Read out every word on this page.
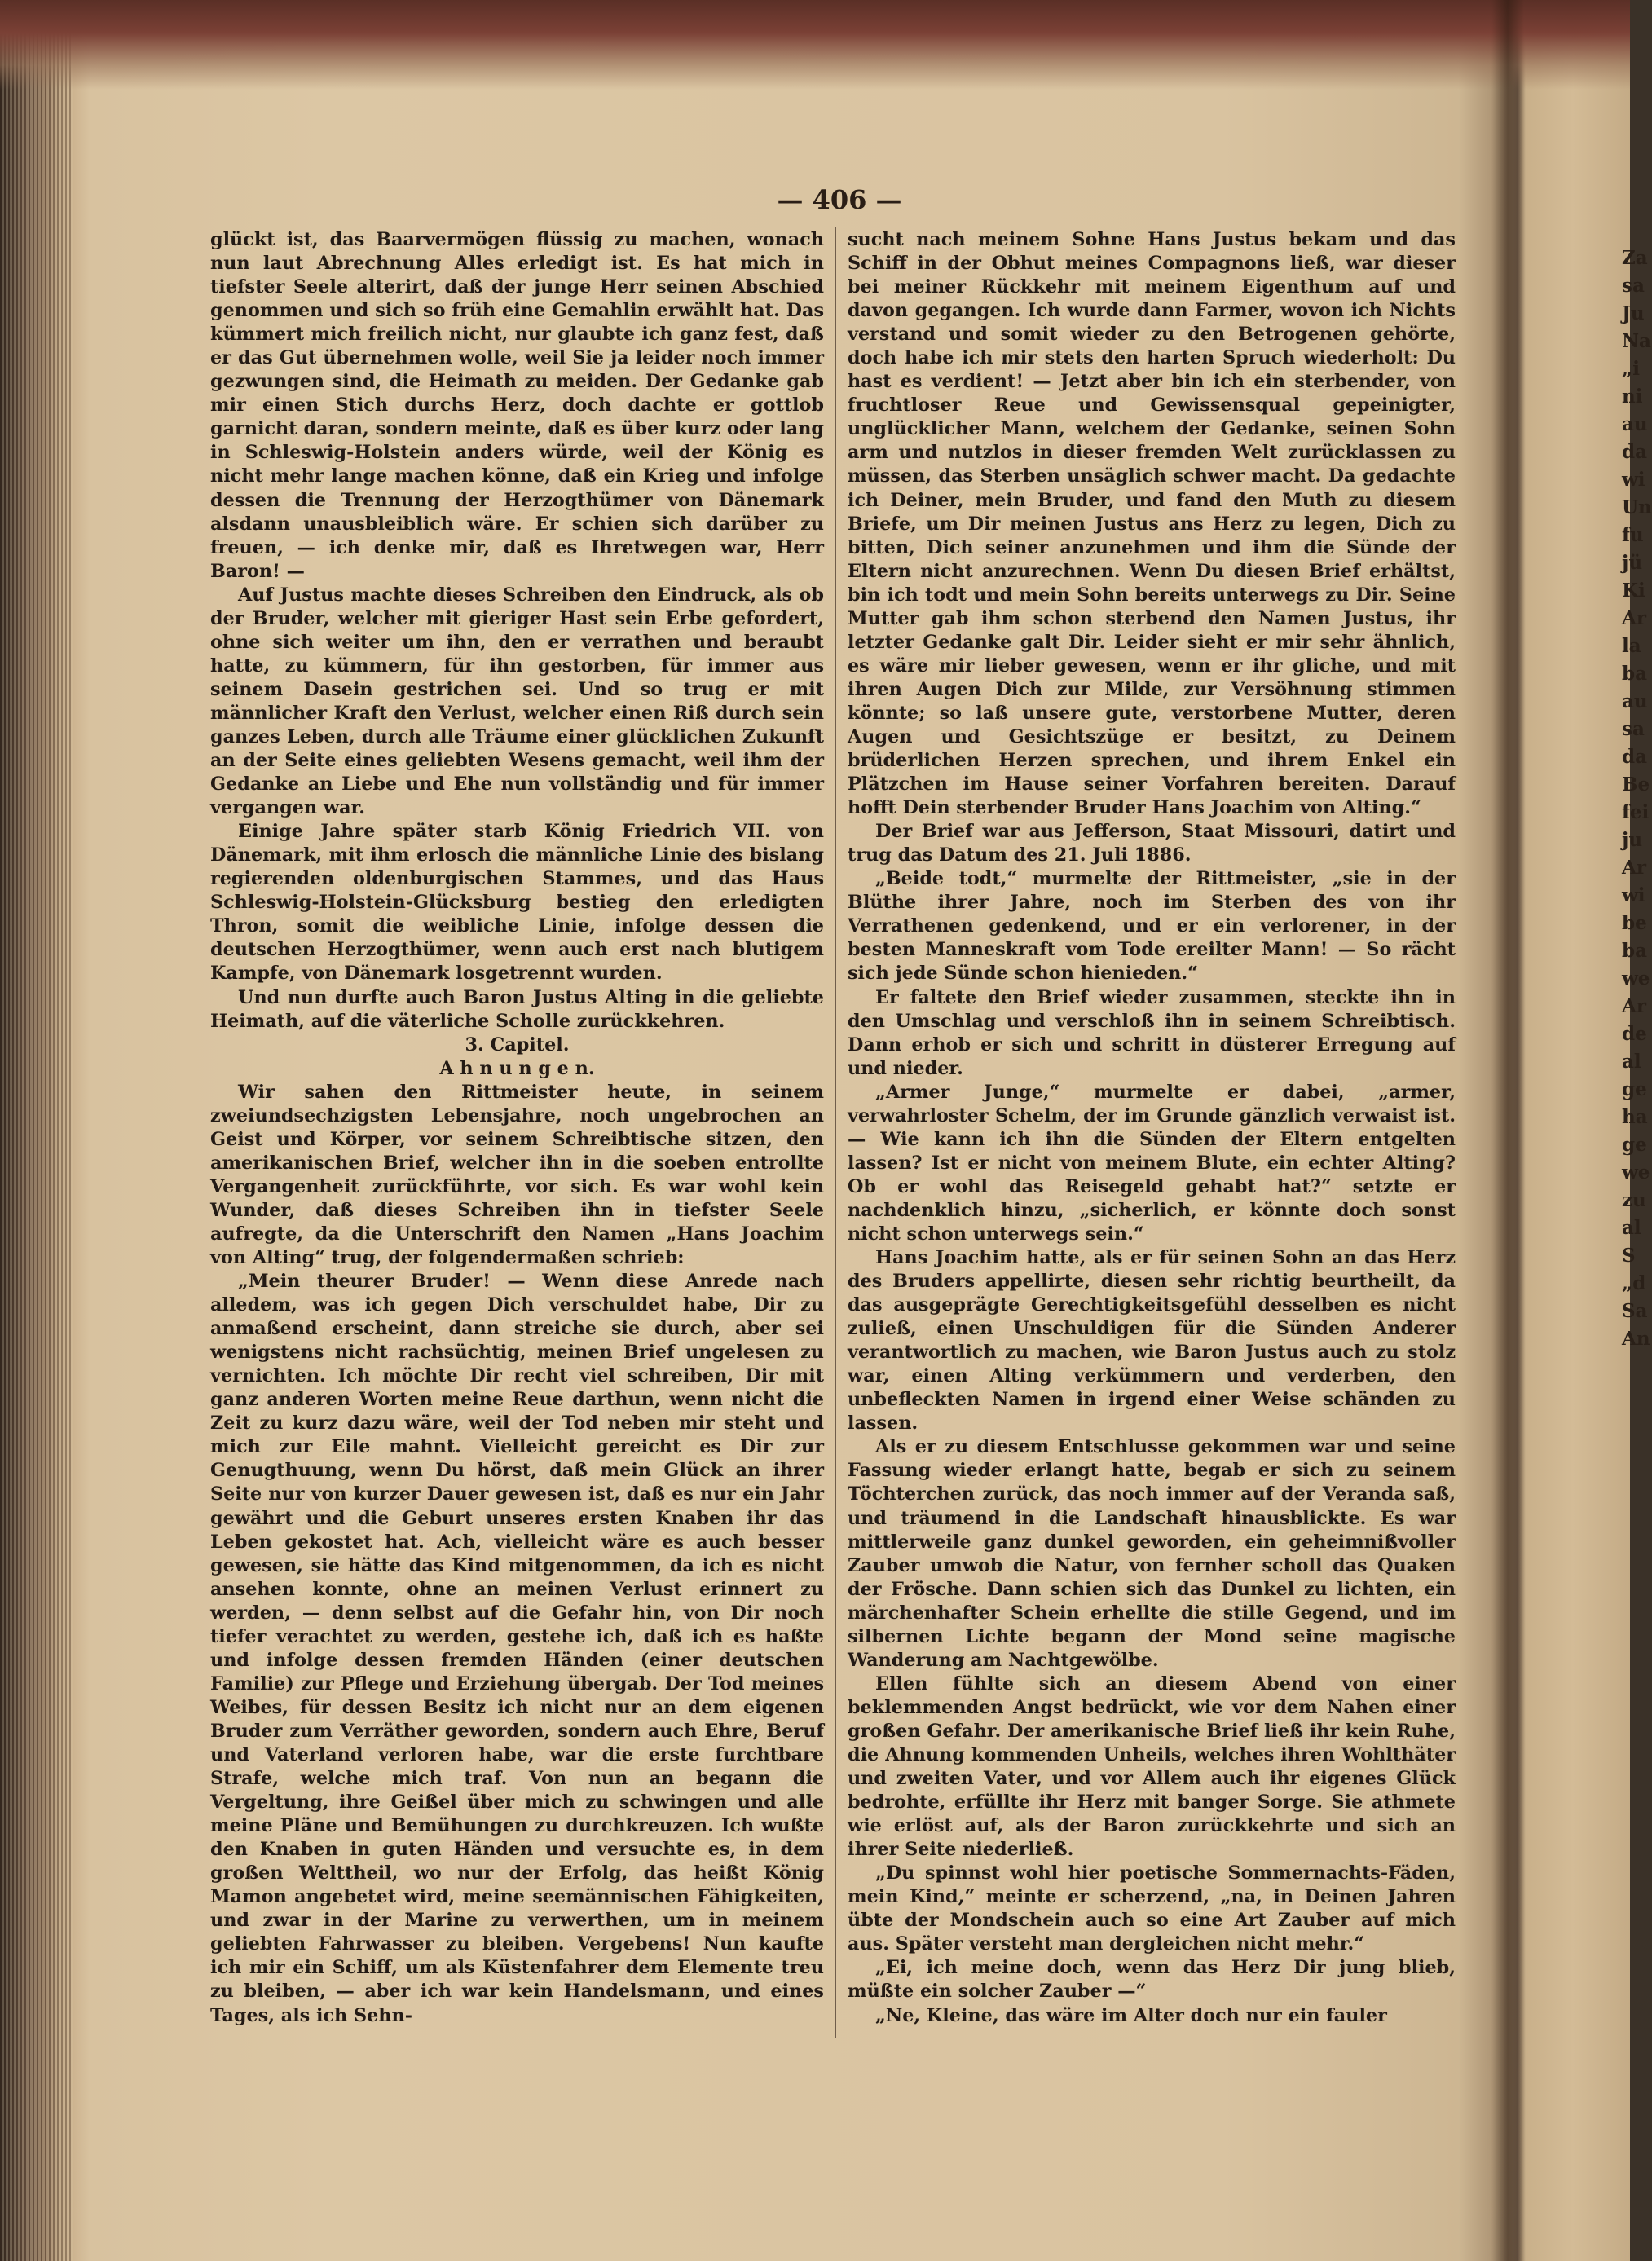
— 406 —

glückt ist, das Baarvermögen flüssig zu machen, wonach nun laut Abrechnung Alles erledigt ist. Es hat mich in tiefster Seele alterirt, daß der junge Herr seinen Abschied genommen und sich so früh eine Gemahlin erwählt hat. Das kümmert mich freilich nicht, nur glaubte ich ganz fest, daß er das Gut übernehmen wolle, weil Sie ja leider noch immer gezwungen sind, die Heimath zu meiden. Der Gedanke gab mir einen Stich durchs Herz, doch dachte er gottlob garnicht daran, sondern meinte, daß es über kurz oder lang in Schleswig-Holstein anders würde, weil der König es nicht mehr lange machen könne, daß ein Krieg und infolge dessen die Trennung der Herzogthümer von Dänemark alsdann unausbleiblich wäre. Er schien sich darüber zu freuen, — ich denke mir, daß es Ihretwegen war, Herr Baron! —

Auf Justus machte dieses Schreiben den Eindruck, als ob der Bruder, welcher mit gieriger Hast sein Erbe gefordert, ohne sich weiter um ihn, den er verrathen und beraubt hatte, zu kümmern, für ihn gestorben, für immer aus seinem Dasein gestrichen sei. Und so trug er mit männlicher Kraft den Verlust, welcher einen Riß durch sein ganzes Leben, durch alle Träume einer glücklichen Zukunft an der Seite eines geliebten Wesens gemacht, weil ihm der Gedanke an Liebe und Ehe nun vollständig und für immer vergangen war.

Einige Jahre später starb König Friedrich VII. von Dänemark, mit ihm erlosch die männliche Linie des bislang regierenden oldenburgischen Stammes, und das Haus Schleswig-Holstein-Glücksburg bestieg den erledigten Thron, somit die weibliche Linie, infolge dessen die deutschen Herzogthümer, wenn auch erst nach blutigem Kampfe, von Dänemark losgetrennt wurden.

Und nun durfte auch Baron Justus Alting in die geliebte Heimath, auf die väterliche Scholle zurückkehren.

3. Capitel.

A h n u n g e n.

Wir sahen den Rittmeister heute, in seinem zweiundsechzigsten Lebensjahre, noch ungebrochen an Geist und Körper, vor seinem Schreibtische sitzen, den amerikanischen Brief, welcher ihn in die soeben entrollte Vergangenheit zurückführte, vor sich. Es war wohl kein Wunder, daß dieses Schreiben ihn in tiefster Seele aufregte, da die Unterschrift den Namen „Hans Joachim von Alting“ trug, der folgendermaßen schrieb:

„Mein theurer Bruder! — Wenn diese Anrede nach alledem, was ich gegen Dich verschuldet habe, Dir zu anmaßend erscheint, dann streiche sie durch, aber sei wenigstens nicht rachsüchtig, meinen Brief ungelesen zu vernichten. Ich möchte Dir recht viel schreiben, Dir mit ganz anderen Worten meine Reue darthun, wenn nicht die Zeit zu kurz dazu wäre, weil der Tod neben mir steht und mich zur Eile mahnt. Vielleicht gereicht es Dir zur Genugthuung, wenn Du hörst, daß mein Glück an ihrer Seite nur von kurzer Dauer gewesen ist, daß es nur ein Jahr gewährt und die Geburt unseres ersten Knaben ihr das Leben gekostet hat. Ach, vielleicht wäre es auch besser gewesen, sie hätte das Kind mitgenommen, da ich es nicht ansehen konnte, ohne an meinen Verlust erinnert zu werden, — denn selbst auf die Gefahr hin, von Dir noch tiefer verachtet zu werden, gestehe ich, daß ich es haßte und infolge dessen fremden Händen (einer deutschen Familie) zur Pflege und Erziehung übergab. Der Tod meines Weibes, für dessen Besitz ich nicht nur an dem eigenen Bruder zum Verräther geworden, sondern auch Ehre, Beruf und Vaterland verloren habe, war die erste furchtbare Strafe, welche mich traf. Von nun an begann die Vergeltung, ihre Geißel über mich zu schwingen und alle meine Pläne und Bemühungen zu durchkreuzen. Ich wußte den Knaben in guten Händen und versuchte es, in dem großen Welttheil, wo nur der Erfolg, das heißt König Mamon angebetet wird, meine seemännischen Fähigkeiten, und zwar in der Marine zu verwerthen, um in meinem geliebten Fahrwasser zu bleiben. Vergebens! Nun kaufte ich mir ein Schiff, um als Küstenfahrer dem Elemente treu zu bleiben, — aber ich war kein Handelsmann, und eines Tages, als ich Sehn-

sucht nach meinem Sohne Hans Justus bekam und das Schiff in der Obhut meines Compagnons ließ, war dieser bei meiner Rückkehr mit meinem Eigenthum auf und davon gegangen. Ich wurde dann Farmer, wovon ich Nichts verstand und somit wieder zu den Betrogenen gehörte, doch habe ich mir stets den harten Spruch wiederholt: Du hast es verdient! — Jetzt aber bin ich ein sterbender, von fruchtloser Reue und Gewissensqual gepeinigter, unglücklicher Mann, welchem der Gedanke, seinen Sohn arm und nutzlos in dieser fremden Welt zurücklassen zu müssen, das Sterben unsäglich schwer macht. Da gedachte ich Deiner, mein Bruder, und fand den Muth zu diesem Briefe, um Dir meinen Justus ans Herz zu legen, Dich zu bitten, Dich seiner anzunehmen und ihm die Sünde der Eltern nicht anzurechnen. Wenn Du diesen Brief erhältst, bin ich todt und mein Sohn bereits unterwegs zu Dir. Seine Mutter gab ihm schon sterbend den Namen Justus, ihr letzter Gedanke galt Dir. Leider sieht er mir sehr ähnlich, es wäre mir lieber gewesen, wenn er ihr gliche, und mit ihren Augen Dich zur Milde, zur Versöhnung stimmen könnte; so laß unsere gute, verstorbene Mutter, deren Augen und Gesichtszüge er besitzt, zu Deinem brüderlichen Herzen sprechen, und ihrem Enkel ein Plätzchen im Hause seiner Vorfahren bereiten. Darauf hofft Dein sterbender Bruder Hans Joachim von Alting.“

Der Brief war aus Jefferson, Staat Missouri, datirt und trug das Datum des 21. Juli 1886.

„Beide todt,“ murmelte der Rittmeister, „sie in der Blüthe ihrer Jahre, noch im Sterben des von ihr Verrathenen gedenkend, und er ein verlorener, in der besten Manneskraft vom Tode ereilter Mann! — So rächt sich jede Sünde schon hienieden.“

Er faltete den Brief wieder zusammen, steckte ihn in den Umschlag und verschloß ihn in seinem Schreibtisch. Dann erhob er sich und schritt in düsterer Erregung auf und nieder.

„Armer Junge,“ murmelte er dabei, „armer, verwahrloster Schelm, der im Grunde gänzlich verwaist ist. — Wie kann ich ihn die Sünden der Eltern entgelten lassen? Ist er nicht von meinem Blute, ein echter Alting? Ob er wohl das Reisegeld gehabt hat?“ setzte er nachdenklich hinzu, „sicherlich, er könnte doch sonst nicht schon unterwegs sein.“

Hans Joachim hatte, als er für seinen Sohn an das Herz des Bruders appellirte, diesen sehr richtig beurtheilt, da das ausgeprägte Gerechtigkeitsgefühl desselben es nicht zuließ, einen Unschuldigen für die Sünden Anderer verantwortlich zu machen, wie Baron Justus auch zu stolz war, einen Alting verkümmern und verderben, den unbefleckten Namen in irgend einer Weise schänden zu lassen.

Als er zu diesem Entschlusse gekommen war und seine Fassung wieder erlangt hatte, begab er sich zu seinem Töchterchen zurück, das noch immer auf der Veranda saß, und träumend in die Landschaft hinausblickte. Es war mittlerweile ganz dunkel geworden, ein geheimnißvoller Zauber umwob die Natur, von fernher scholl das Quaken der Frösche. Dann schien sich das Dunkel zu lichten, ein märchenhafter Schein erhellte die stille Gegend, und im silbernen Lichte begann der Mond seine magische Wanderung am Nachtgewölbe.

Ellen fühlte sich an diesem Abend von einer beklemmenden Angst bedrückt, wie vor dem Nahen einer großen Gefahr. Der amerikanische Brief ließ ihr kein Ruhe, die Ahnung kommenden Unheils, welches ihren Wohlthäter und zweiten Vater, und vor Allem auch ihr eigenes Glück bedrohte, erfüllte ihr Herz mit banger Sorge. Sie athmete wie erlöst auf, als der Baron zurückkehrte und sich an ihrer Seite niederließ.

„Du spinnst wohl hier poetische Sommernachts-Fäden, mein Kind,“ meinte er scherzend, „na, in Deinen Jahren übte der Mondschein auch so eine Art Zauber auf mich aus. Später versteht man dergleichen nicht mehr.“

„Ei, ich meine doch, wenn das Herz Dir jung blieb, müßte ein solcher Zauber —“

„Ne, Kleine, das wäre im Alter doch nur ein fauler

Za
sa
Ju
Na
„i
ni
au
da
wi
Un
fu
jü
Ki
Ar
la
ba
au
sa
da
Be
fei
ju
Ar
wi
be
ba
we
Ar
de
al
ge
ha
ge
we
zu
al
S
„d
Sa
An
